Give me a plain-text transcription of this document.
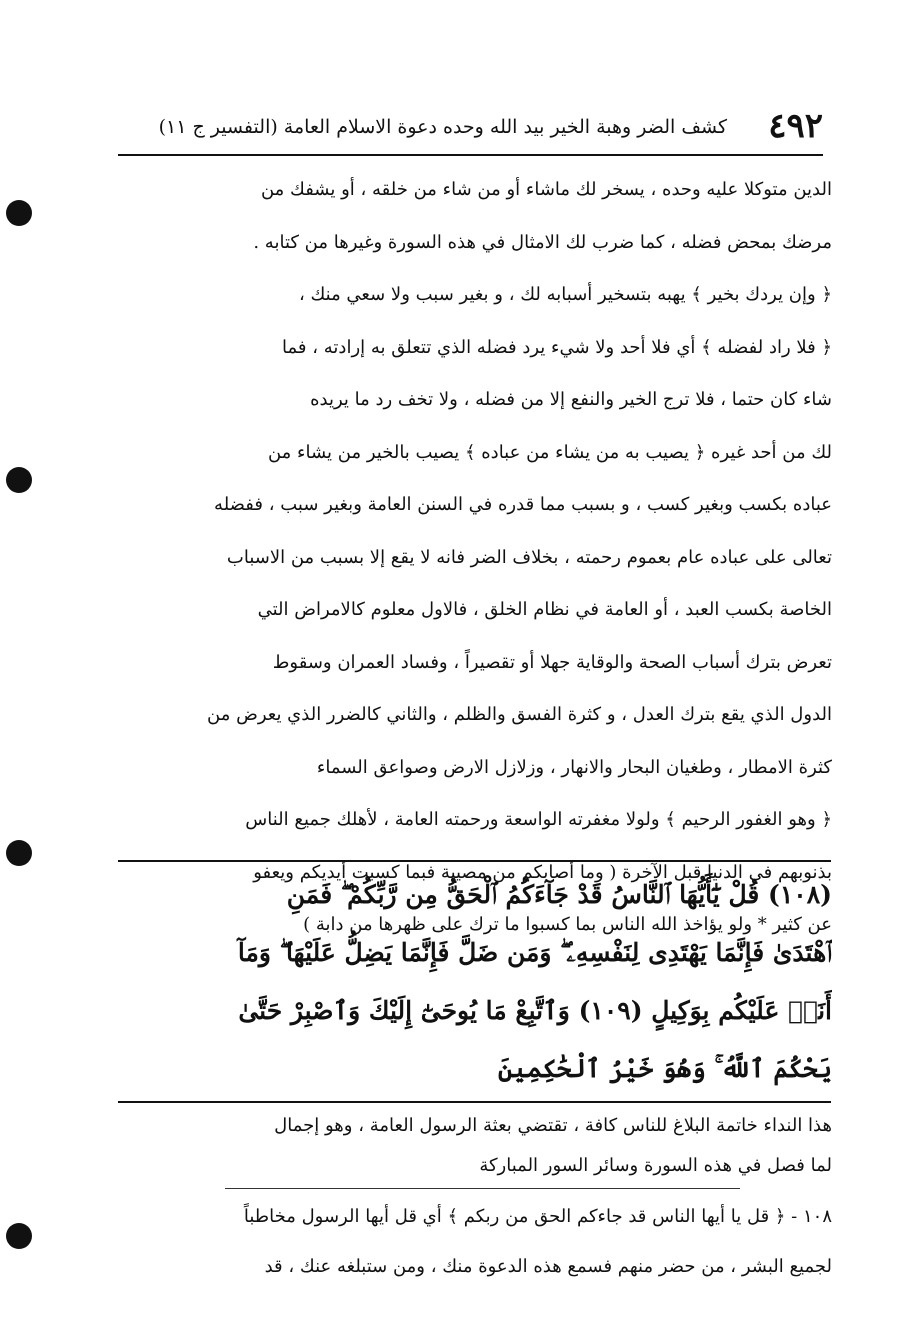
٤٩٢
كشف الضر وهبة الخير بيد الله وحده دعوة الاسلام العامة (التفسير ج ١١)

الدين متوكلا عليه وحده ، يسخر لك ماشاء أو من شاء من خلقه ، أو يشفك من

مرضك بمحض فضله ، كما ضرب لك الامثال في هذه السورة وغيرها من كتابه .

﴿ وإن يردك بخير ﴾ يهبه بتسخير أسبابه لك ، و بغير سبب ولا سعي منك ،

﴿ فلا راد لفضله ﴾ أي فلا أحد ولا شيء يرد فضله الذي تتعلق به إرادته ، فما

شاء كان حتما ، فلا ترج الخير والنفع إلا من فضله ، ولا تخف رد ما يريده

لك من أحد غيره ﴿ يصيب به من يشاء من عباده ﴾ يصيب بالخير من يشاء من

عباده بكسب وبغير كسب ، و بسبب مما قدره في السنن العامة وبغير سبب ، ففضله

تعالى على عباده عام بعموم رحمته ، بخلاف الضر فانه لا يقع إلا بسبب من الاسباب

الخاصة بكسب العبد ، أو العامة في نظام الخلق ، فالاول معلوم كالامراض التي

تعرض بترك أسباب الصحة والوقاية جهلا أو تقصيراً ، وفساد العمران وسقوط

الدول الذي يقع بترك العدل ، و كثرة الفسق والظلم ، والثاني كالضرر الذي يعرض من

كثرة الامطار ، وطغيان البحار والانهار ، وزلازل الارض وصواعق السماء

﴿ وهو الغفور الرحيم ﴾ ولولا مغفرته الواسعة ورحمته العامة ، لأهلك جميع الناس

بذنوبهم في الدنيا قبل الآخرة ( وما أصابكم من مصيبة فبما كسبت أيديكم ويعفو

عن كثير * ولو يؤاخذ الله الناس بما كسبوا ما ترك على ظهرها من دابة )

(١٠٨) قُلْ يَٰٓأَيُّهَا ٱلنَّاسُ قَدْ جَآءَكُمُ ٱلْحَقُّ مِن رَّبِّكُمْ ۖ فَمَنِ

ٱهْتَدَىٰ فَإِنَّمَا يَهْتَدِى لِنَفْسِهِۦ ۖ وَمَن ضَلَّ فَإِنَّمَا يَضِلُّ عَلَيْهَا ۖ وَمَآ

أَنَا۠ عَلَيْكُم بِوَكِيلٍ (١٠٩) وَٱتَّبِعْ مَا يُوحَىٰٓ إِلَيْكَ وَٱصْبِرْ حَتَّىٰ

يَحْكُمَ ٱللَّهُ ۚ وَهُوَ خَيْرُ ٱلْحَٰكِمِينَ

هذا النداء خاتمة البلاغ للناس كافة ، تقتضي بعثة الرسول العامة ، وهو إجمال

لما فصل في هذه السورة وسائر السور المباركة

١٠٨ - ﴿ قل يا أيها الناس قد جاءكم الحق من ربكم ﴾ أي قل أيها الرسول مخاطباً

لجميع البشر ، من حضر منهم فسمع هذه الدعوة منك ، ومن ستبلغه عنك ، قد
